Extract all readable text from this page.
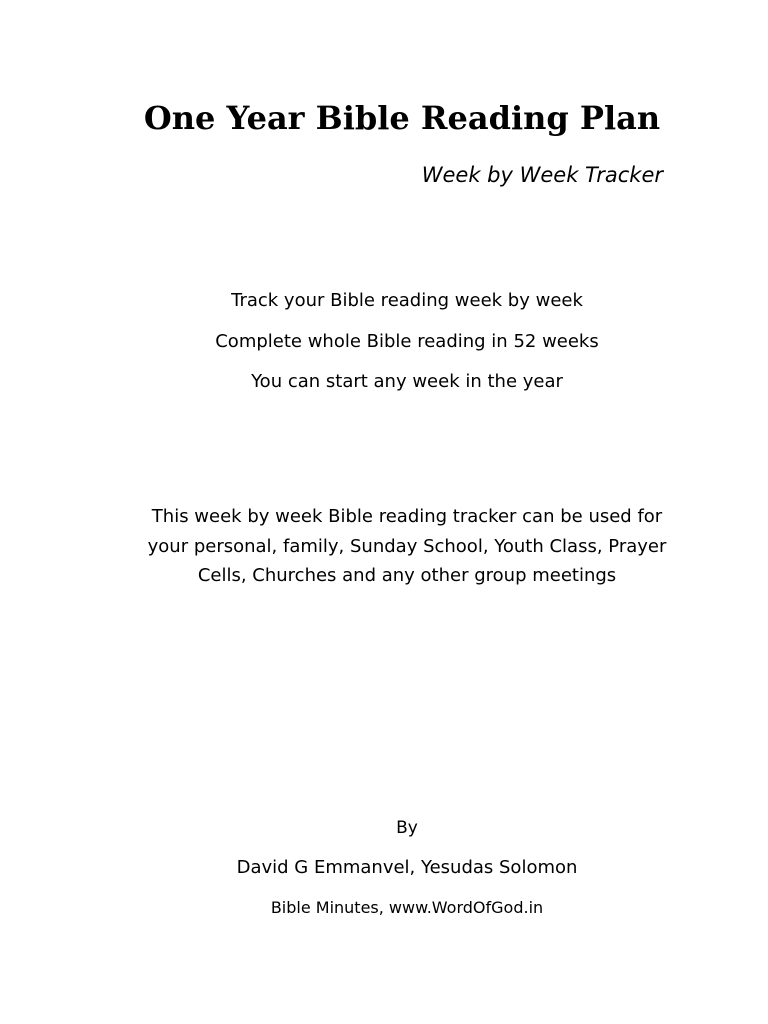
One Year Bible Reading Plan

Week by Week Tracker

Track your Bible reading week by week

Complete whole Bible reading in 52 weeks

You can start any week in the year

This week by week Bible reading tracker can be used for your personal, family, Sunday School, Youth Class, Prayer Cells, Churches and any other group meetings

By

David G Emmanvel, Yesudas Solomon

Bible Minutes, www.WordOfGod.in
